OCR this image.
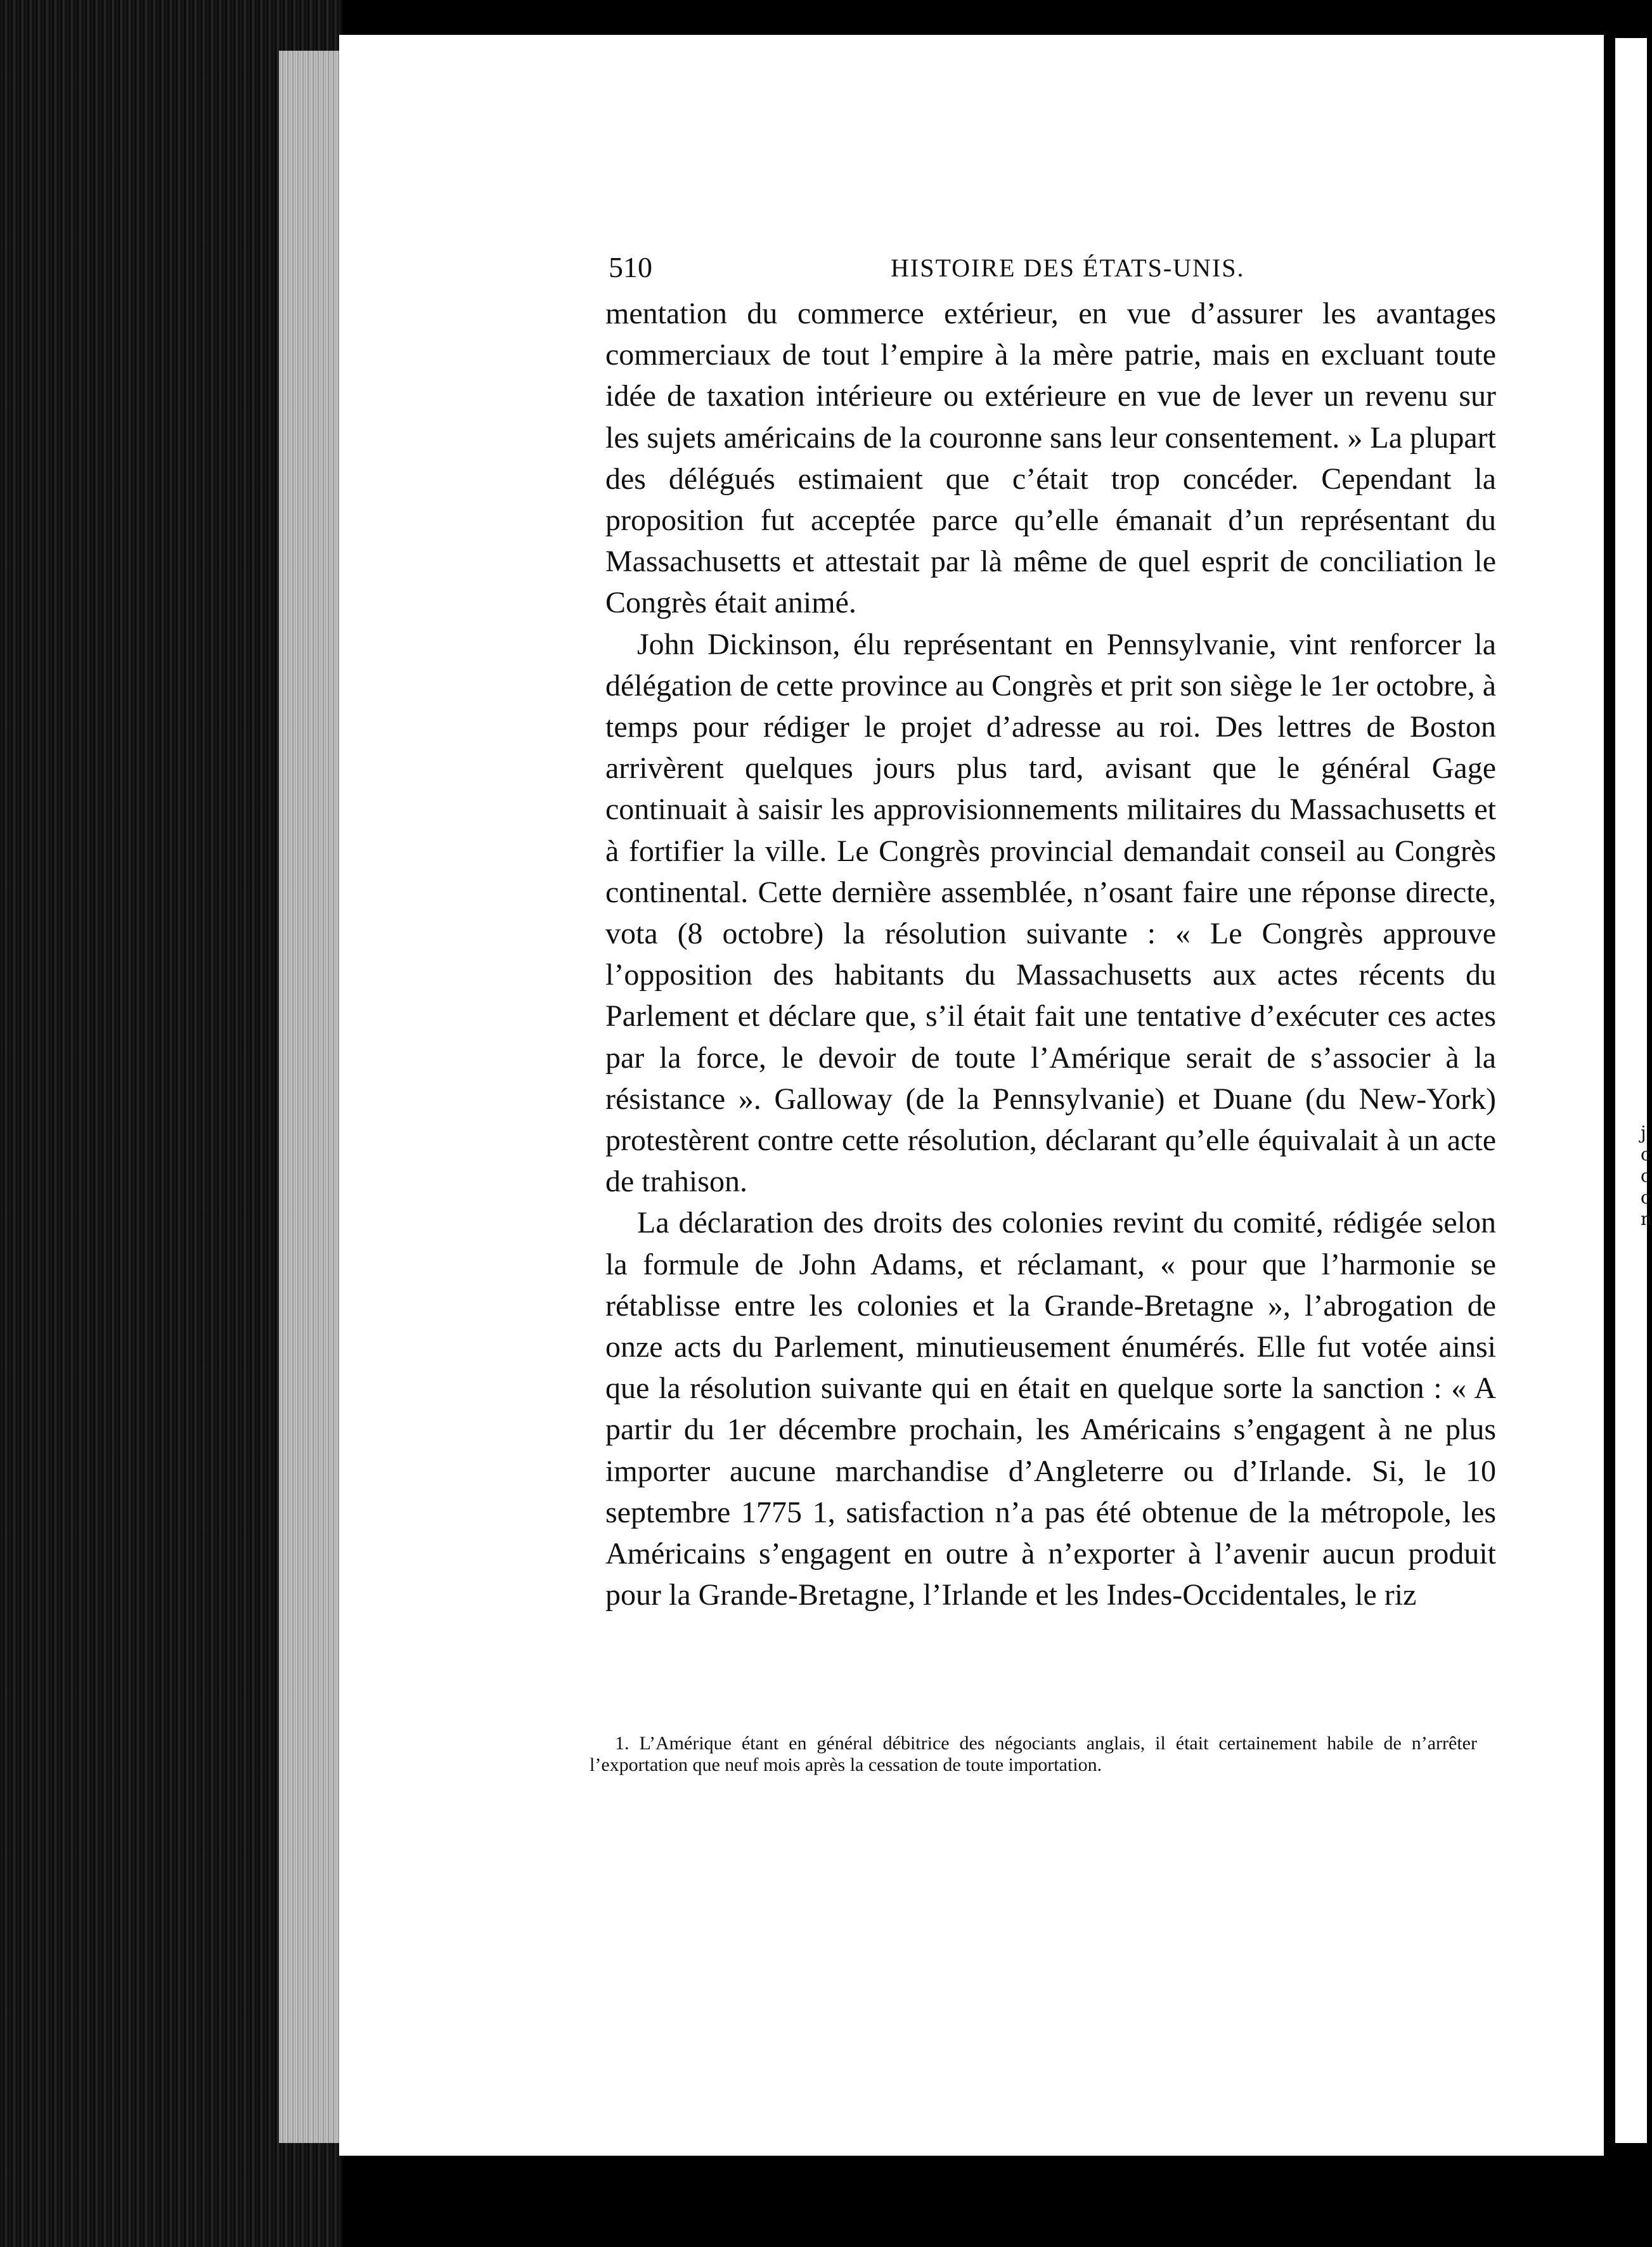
j
c
c
c
n
510	HISTOIRE DES ÉTATS-UNIS.

mentation du commerce extérieur, en vue d’assurer les avantages commerciaux de tout l’empire à la mère patrie, mais en excluant toute idée de taxation intérieure ou extérieure en vue de lever un revenu sur les sujets américains de la couronne sans leur consentement. » La plupart des délégués estimaient que c’était trop concéder. Cependant la proposition fut acceptée parce qu’elle émanait d’un représentant du Massachusetts et attestait par là même de quel esprit de conciliation le Congrès était animé.

John Dickinson, élu représentant en Pennsylvanie, vint renforcer la délégation de cette province au Congrès et prit son siège le 1er octobre, à temps pour rédiger le projet d’adresse au roi. Des lettres de Boston arrivèrent quelques jours plus tard, avisant que le général Gage continuait à saisir les approvisionnements militaires du Massachusetts et à fortifier la ville. Le Congrès provincial demandait conseil au Congrès continental. Cette dernière assemblée, n’osant faire une réponse directe, vota (8 octobre) la résolution suivante : « Le Congrès approuve l’opposition des habitants du Massachusetts aux actes récents du Parlement et déclare que, s’il était fait une tentative d’exécuter ces actes par la force, le devoir de toute l’Amérique serait de s’associer à la résistance ». Galloway (de la Pennsylvanie) et Duane (du New-York) protestèrent contre cette résolution, déclarant qu’elle équivalait à un acte de trahison.

La déclaration des droits des colonies revint du comité, rédigée selon la formule de John Adams, et réclamant, « pour que l’harmonie se rétablisse entre les colonies et la Grande-Bretagne », l’abrogation de onze acts du Parlement, minutieusement énumérés. Elle fut votée ainsi que la résolution suivante qui en était en quelque sorte la sanction : « A partir du 1er décembre prochain, les Américains s’engagent à ne plus importer aucune marchandise d’Angleterre ou d’Irlande. Si, le 10 septembre 1775 1, satisfaction n’a pas été obtenue de la métropole, les Américains s’engagent en outre à n’exporter à l’avenir aucun produit pour la Grande-Bretagne, l’Irlande et les Indes-Occidentales, le riz

1. L’Amérique étant en général débitrice des négociants anglais, il était certainement habile de n’arrêter l’exportation que neuf mois après la cessation de toute importation.
